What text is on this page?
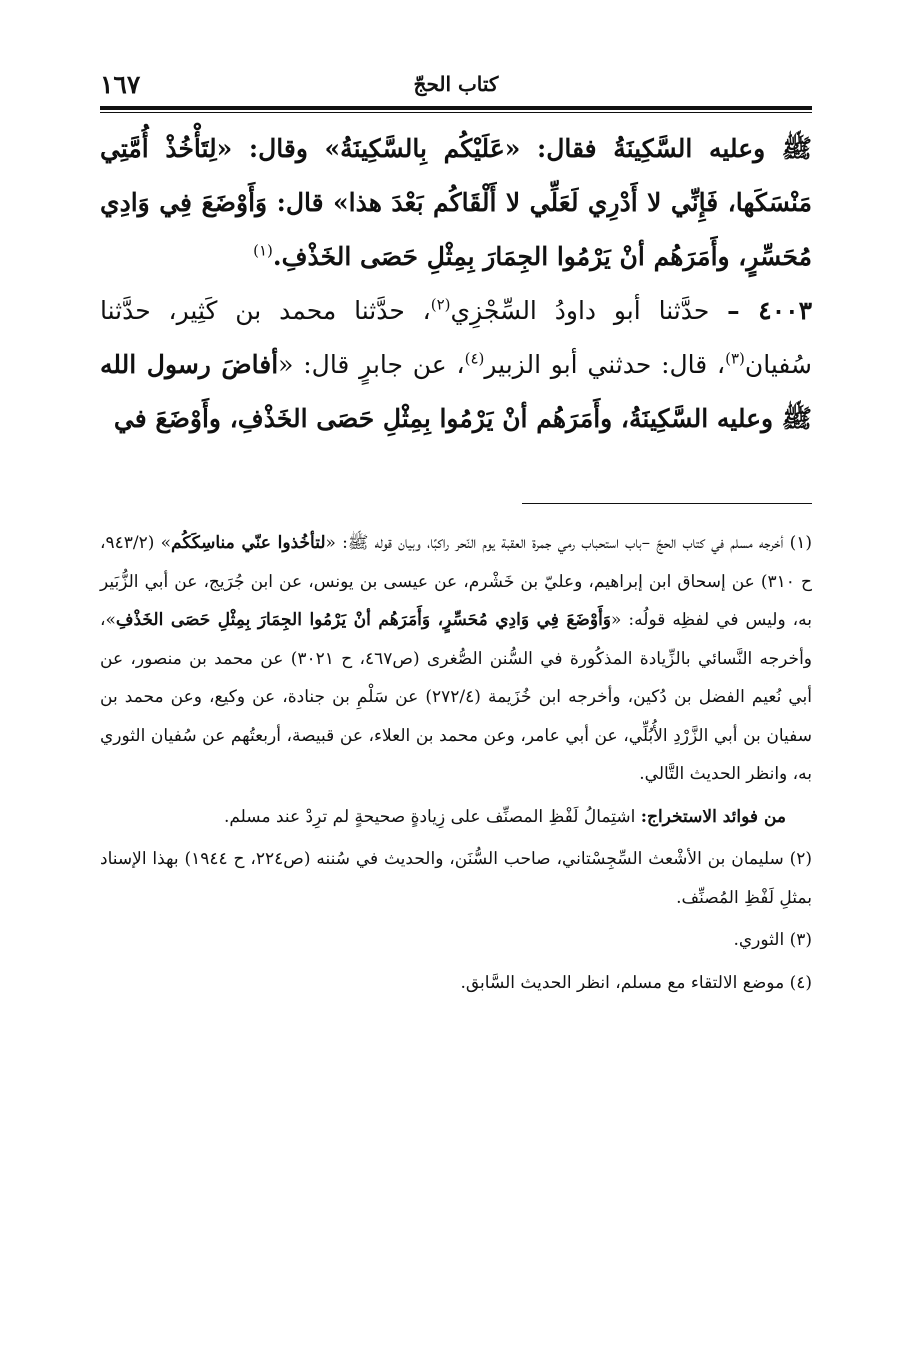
١٦٧	كتاب الحجّ

ﷺ وعليه السَّكِينَةُ فقال: «عَلَيْكُم بِالسَّكِينَةُ» وقال: «لِتَأْخُذْ أُمَّتِي مَنْسَكَها، فَإِنِّي لا أَدْرِي لَعَلِّي لا أَلْقَاكُم بَعْدَ هذا» قال: وَأَوْضَعَ فِي وَادِي مُحَسِّرٍ، وأَمَرَهُم أنْ يَرْمُوا الجِمَارَ بِمِثْلِ حَصَى الخَذْفِ.$^{(١)}$

٤٠٠٣ – حدَّثنا أبو داودُ السِّجْزِي$^{(٢)}$، حدَّثنا محمد بن كَثِير، حدَّثنا سُفيان$^{(٣)}$، قال: حدثني أبو الزبير$^{(٤)}$، عن جابرٍ قال: «أفاضَ رسول الله ﷺ وعليه السَّكِينَةُ، وأَمَرَهُم أنْ يَرْمُوا بِمِثْلِ حَصَى الخَذْفِ، وأَوْضَعَ في

(١) أخرجه مسلم في كتاب الحجّ –باب استحباب رمي جمرة العقبة يوم النّحر راكبًا، وبيان قوله ﷺ: «لتأخُذوا عنّي مناسِكَكُم» (٩٤٣/٢، ح ٣١٠) عن إسحاق ابن إبراهيم، وعليّ بن خَشْرم، عن عيسى بن يونس، عن ابن جُرَيج، عن أبي الزُّبَير به، وليس في لفظِه قولُه: «وَأَوْضَعَ فِي وَادِي مُحَسِّرٍ، وَأَمَرَهُم أنْ يَرْمُوا الجِمَارَ بِمِثْلِ حَصَى الخَذْفِ»، وأخرجه النَّسائي بالزِّيادة المذكُورة في السُّنن الصُّغرى (ص٤٦٧، ح ٣٠٢١) عن محمد بن منصور، عن أبي نُعيم الفضل بن دُكين، وأخرجه ابن خُزَيمة (٢٧٢/٤) عن سَلْمِ بن جنادة، عن وكيع، وعن محمد بن سفيان بن أبي الزَّرْدِ الأُبُلِّي، عن أبي عامر، وعن محمد بن العلاء، عن قبيصة، أربعتُهم عن سُفيان الثوري به، وانظر الحديث التَّالي.

من فوائد الاستخراج: اشتِمالُ لَفْظِ المصنِّف على زِيادةٍ صحيحةٍ لم ترِدْ عند مسلم.

(٢) سليمان بن الأشْعث السِّجِسْتاني، صاحب السُّنَن، والحديث في سُننه (ص٢٢٤، ح ١٩٤٤) بهذا الإسناد بمثلِ لَفْظِ المُصنِّف.

(٣) الثوري.

(٤) موضع الالتقاء مع مسلم، انظر الحديث السَّابق.
